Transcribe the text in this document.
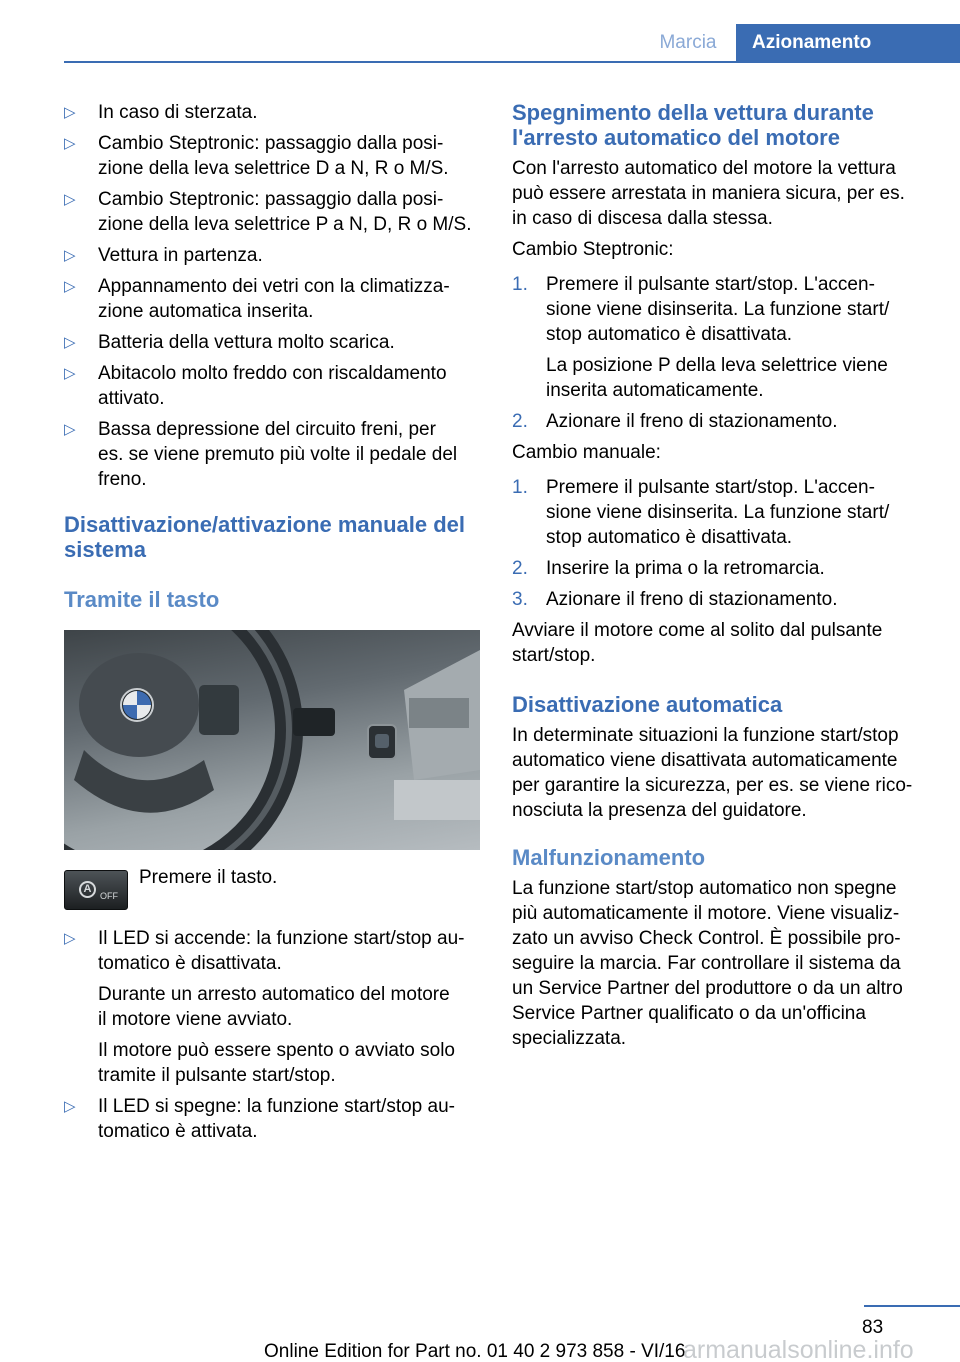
Marcia	Azionamento
▷ In caso di sterzata.
▷ Cambio Steptronic: passaggio dalla posi-
zione della leva selettrice D a N, R o M/S.
▷ Cambio Steptronic: passaggio dalla posi-
zione della leva selettrice P a N, D, R o M/S.
▷ Vettura in partenza.
▷ Appannamento dei vetri con la climatizza-
zione automatica inserita.
▷ Batteria della vettura molto scarica.
▷ Abitacolo molto freddo con riscaldamento
attivato.
▷ Bassa depressione del circuito freni, per
es. se viene premuto più volte il pedale del
freno.
Disattivazione/attivazione manuale del
sistema
Tramite il tasto
A
OFF
Premere il tasto.
▷ Il LED si accende: la funzione start/stop au-
tomatico è disattivata.
Durante un arresto automatico del motore
il motore viene avviato.
Il motore può essere spento o avviato solo
tramite il pulsante start/stop.
▷ Il LED si spegne: la funzione start/stop au-
tomatico è attivata.
Spegnimento della vettura durante
l'arresto automatico del motore
Con l'arresto automatico del motore la vettura
può essere arrestata in maniera sicura, per es.
in caso di discesa dalla stessa.
Cambio Steptronic:
1. Premere il pulsante start/stop. L'accen-
sione viene disinserita. La funzione start/
stop automatico è disattivata.
La posizione P della leva selettrice viene
inserita automaticamente.
2. Azionare il freno di stazionamento.
Cambio manuale:
1. Premere il pulsante start/stop. L'accen-
sione viene disinserita. La funzione start/
stop automatico è disattivata.
2. Inserire la prima o la retromarcia.
3. Azionare il freno di stazionamento.
Avviare il motore come al solito dal pulsante
start/stop.
Disattivazione automatica
In determinate situazioni la funzione start/stop
automatico viene disattivata automaticamente
per garantire la sicurezza, per es. se viene rico-
nosciuta la presenza del guidatore.
Malfunzionamento
La funzione start/stop automatico non spegne
più automaticamente il motore. Viene visualiz-
zato un avviso Check Control. È possibile pro-
seguire la marcia. Far controllare il sistema da
un Service Partner del produttore o da un altro
Service Partner qualificato o da un'officina
specializzata.
83
Online Edition for Part no. 01 40 2 973 858 - VI/16
armanualsonline.info
